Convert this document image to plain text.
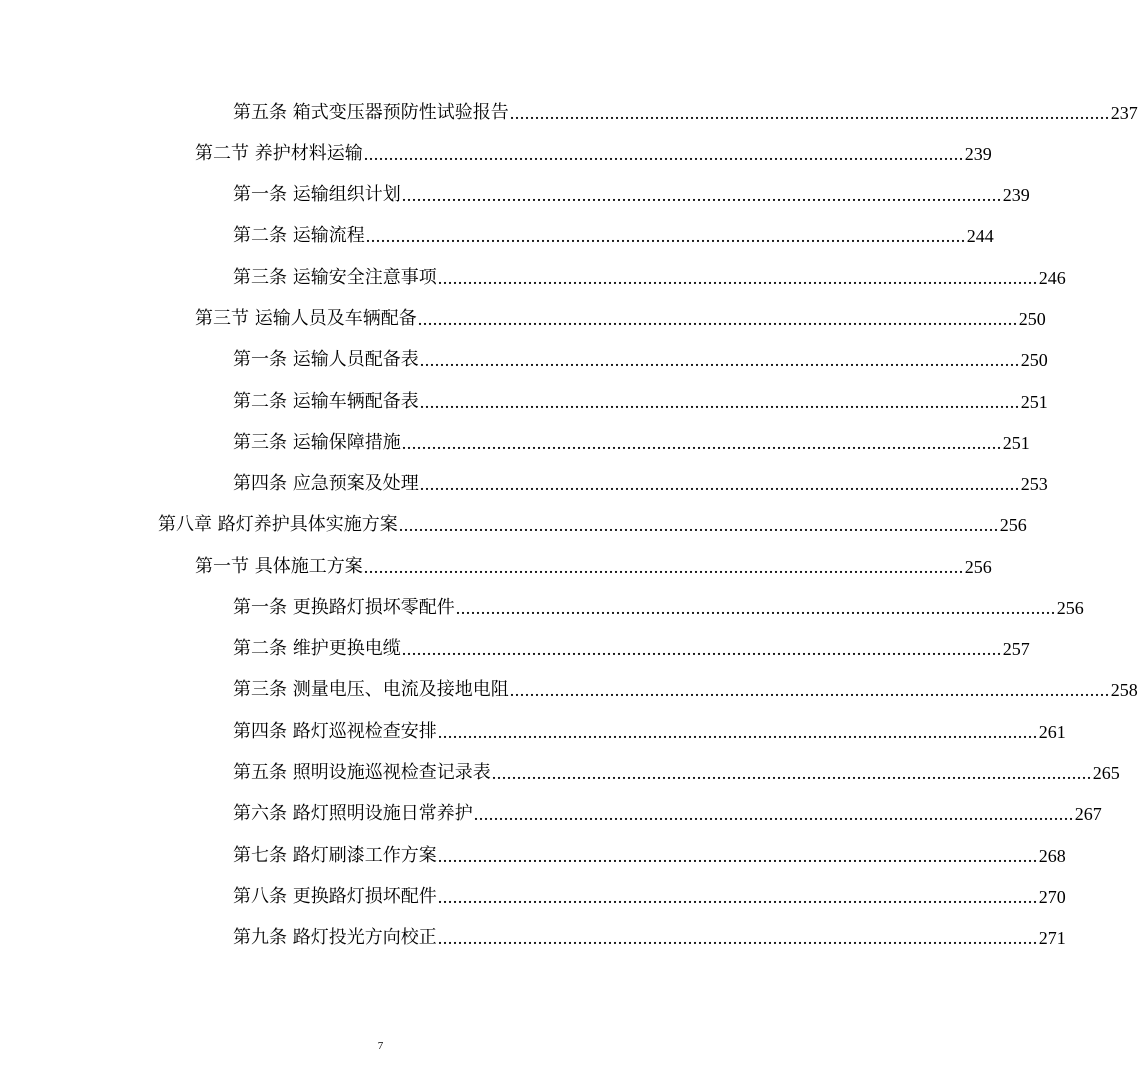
第五条 箱式变压器预防性试验报告 ........................................................................................................................ 237
第二节 养护材料运输 ........................................................................................................................ 239
第一条 运输组织计划 ........................................................................................................................ 239
第二条 运输流程 ........................................................................................................................ 244
第三条 运输安全注意事项 ........................................................................................................................ 246
第三节 运输人员及车辆配备 ........................................................................................................................ 250
第一条 运输人员配备表 ........................................................................................................................ 250
第二条 运输车辆配备表 ........................................................................................................................ 251
第三条 运输保障措施 ........................................................................................................................ 251
第四条 应急预案及处理 ........................................................................................................................ 253
第八章 路灯养护具体实施方案 ........................................................................................................................ 256
第一节 具体施工方案 ........................................................................................................................ 256
第一条 更换路灯损坏零配件 ........................................................................................................................ 256
第二条 维护更换电缆 ........................................................................................................................ 257
第三条 测量电压、电流及接地电阻 ........................................................................................................................ 258
第四条 路灯巡视检查安排 ........................................................................................................................ 261
第五条 照明设施巡视检查记录表 ........................................................................................................................ 265
第六条 路灯照明设施日常养护 ........................................................................................................................ 267
第七条 路灯刷漆工作方案 ........................................................................................................................ 268
第八条 更换路灯损坏配件 ........................................................................................................................ 270
第九条 路灯投光方向校正 ........................................................................................................................ 271
7
